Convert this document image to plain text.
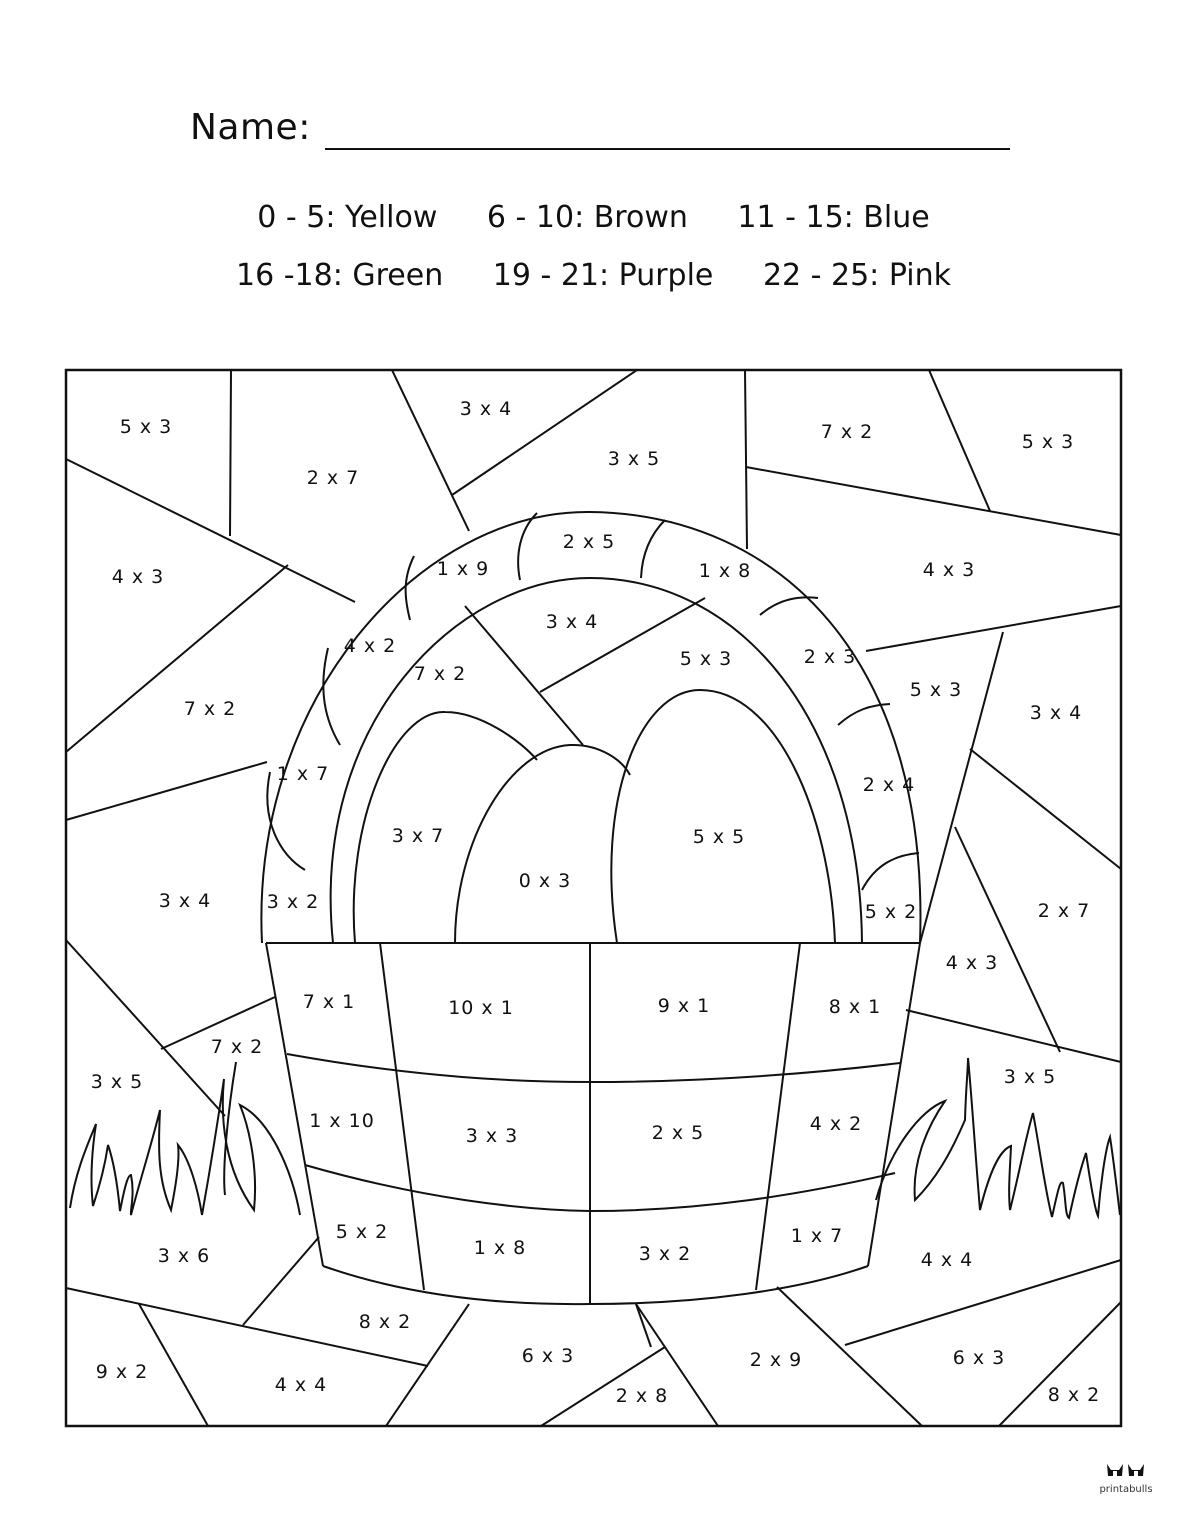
Name:
0 - 5: Yellow 6 - 10: Brown 11 - 15: Blue
16 -18: Green 19 - 21: Purple 22 - 25: Pink
5 x 3
2 x 7
3 x 4
3 x 5
7 x 2	5 x 3
4 x 3
2 x 5
1 x 9	1 x 8	4 x 3
3 x 4
4 x 2
7 x 2
5 x 3	2 x 3
5 x 3
7 x 2	3 x 4
1 x 7	2 x 4
3 x 7	5 x 5
0 x 3
3 x 4	3 x 2	5 x 2	2 x 7
4 x 3
7 x 1	10 x 1	9 x 1	8 x 1
7 x 2
3 x 5	3 x 5
1 x 10
3 x 3	2 x 5	4 x 2
5 x 2
1 x 8	3 x 2
1 x 7
3 x 6	4 x 4
8 x 2
6 x 3	2 x 9	6 x 3
9 x 2
4 x 4	2 x 8	8 x 2
printabulls
